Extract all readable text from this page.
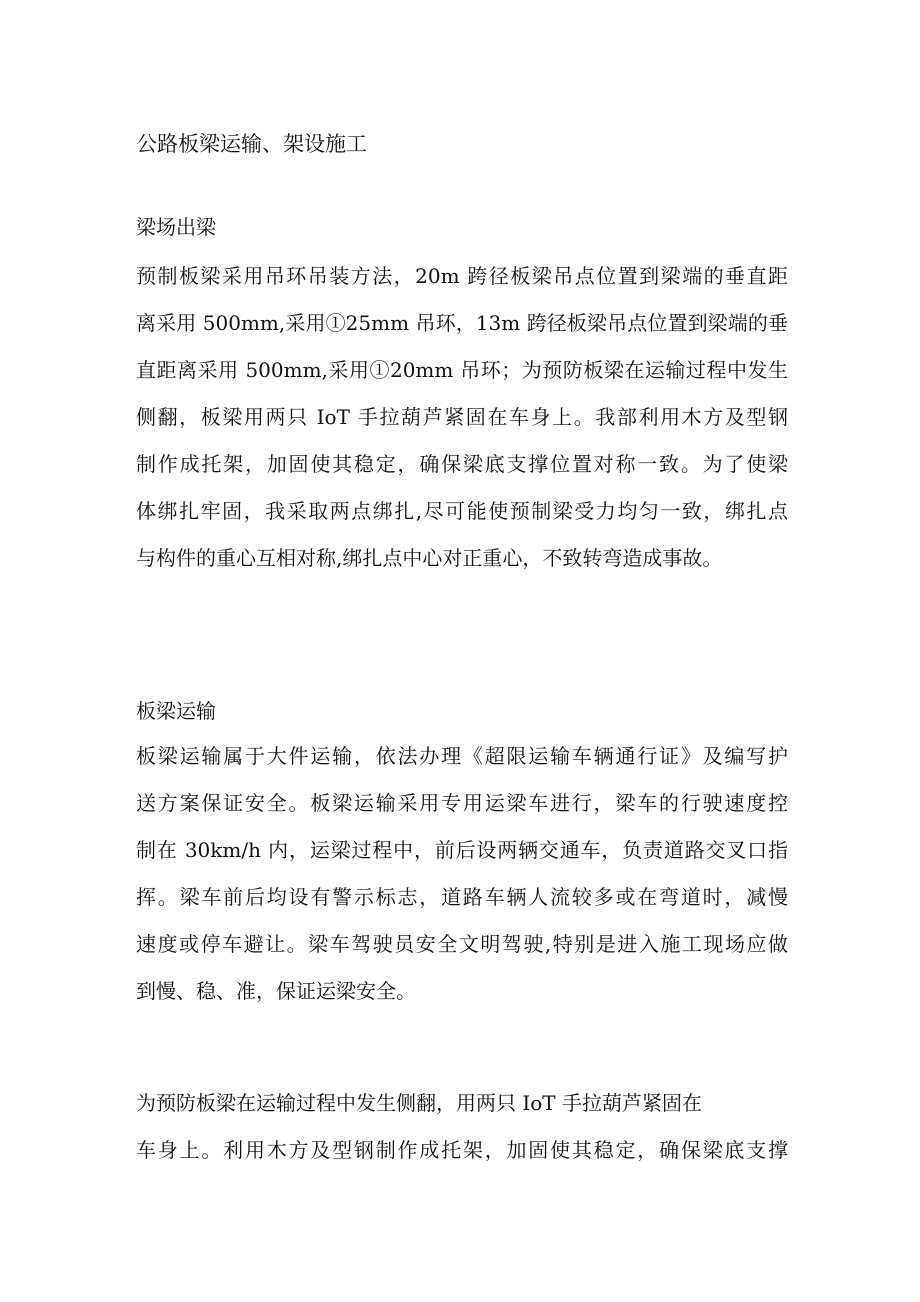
公路板梁运输、架设施工
梁场出梁
预制板梁采用吊环吊装方法，20m 跨径板梁吊点位置到梁端的垂直距
离采用 500mm,采用①25mm 吊环，13m 跨径板梁吊点位置到梁端的垂
直距离采用 500mm,采用①20mm 吊环；为预防板梁在运输过程中发生
侧翻，板梁用两只 IoT 手拉葫芦紧固在车身上。我部利用木方及型钢
制作成托架，加固使其稳定，确保梁底支撑位置对称一致。为了使梁
体绑扎牢固，我采取两点绑扎,尽可能使预制梁受力均匀一致，绑扎点
与构件的重心互相对称,绑扎点中心对正重心，不致转弯造成事故。
板梁运输
板梁运输属于大件运输，依法办理《超限运输车辆通行证》及编写护
送方案保证安全。板梁运输采用专用运梁车进行，梁车的行驶速度控
制在 30km/h 内，运梁过程中，前后设两辆交通车，负责道路交叉口指
挥。梁车前后均设有警示标志，道路车辆人流较多或在弯道时，减慢
速度或停车避让。梁车驾驶员安全文明驾驶,特别是进入施工现场应做
到慢、稳、准，保证运梁安全。
为预防板梁在运输过程中发生侧翻，用两只 IoT 手拉葫芦紧固在
车身上。利用木方及型钢制作成托架，加固使其稳定，确保梁底支撑
